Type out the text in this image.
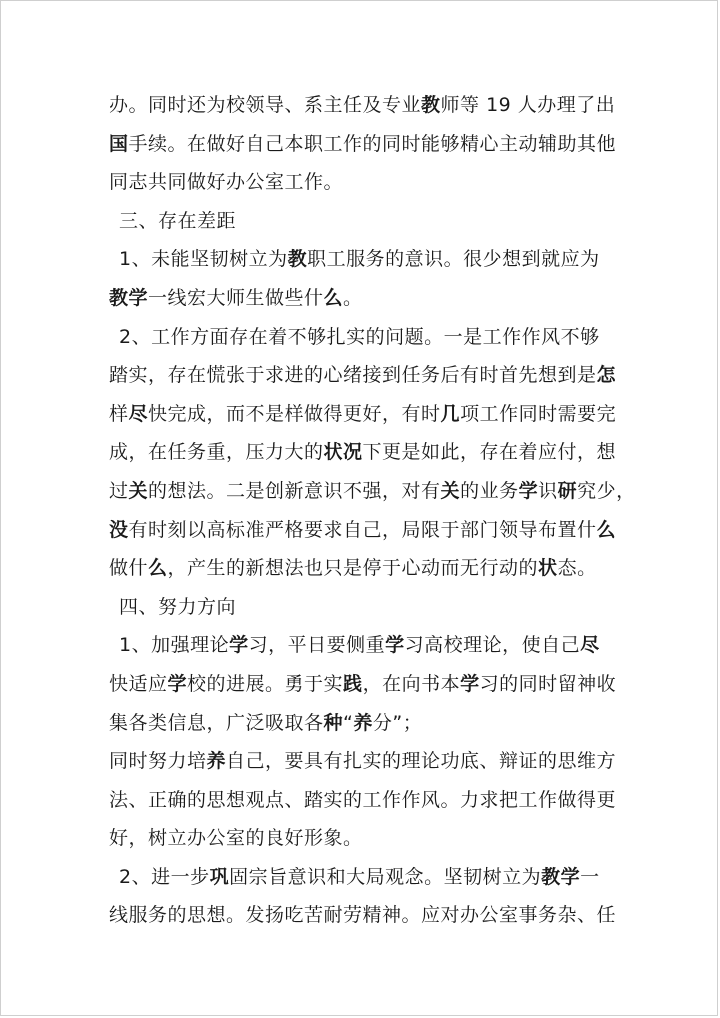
办。同时还为校领导、系主任及专业教师等 19 人办理了出
国手续。在做好自己本职工作的同时能够精心主动辅助其他
同志共同做好办公室工作。
三、存在差距
1、未能坚韧树立为教职工服务的意识。很少想到就应为
教学一线宏大师生做些什么。
2、工作方面存在着不够扎实的问题。一是工作作风不够
踏实，存在慌张于求进的心绪接到任务后有时首先想到是怎
样尽快完成，而不是样做得更好，有时几项工作同时需要完
成，在任务重，压力大的状况下更是如此，存在着应付，想
过关的想法。二是创新意识不强，对有关的业务学识研究少，
没有时刻以高标准严格要求自己，局限于部门领导布置什么
做什么，产生的新想法也只是停于心动而无行动的状态。
四、努力方向
1、加强理论学习，平日要侧重学习高校理论，使自己尽
快适应学校的进展。勇于实践，在向书本学习的同时留神收
集各类信息，广泛吸取各种“养分”；
同时努力培养自己，要具有扎实的理论功底、辩证的思维方
法、正确的思想观点、踏实的工作作风。力求把工作做得更
好，树立办公室的良好形象。
2、进一步巩固宗旨意识和大局观念。坚韧树立为教学一
线服务的思想。发扬吃苦耐劳精神。应对办公室事务杂、任
